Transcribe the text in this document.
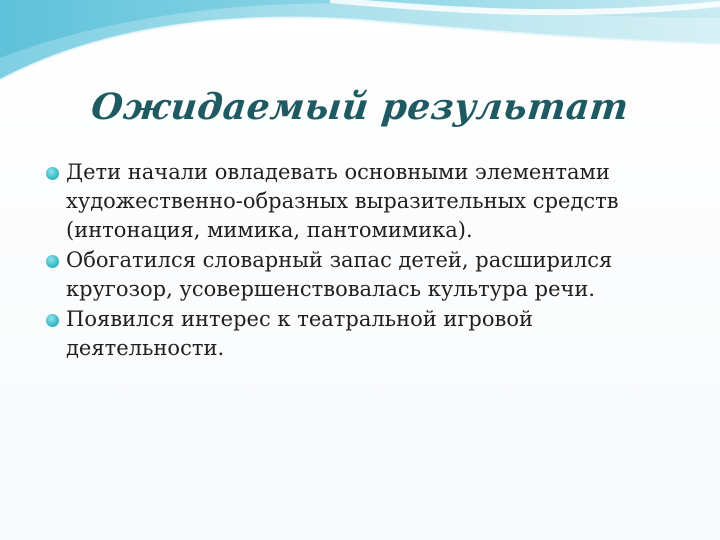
Ожидаемый результат
Дети начали овладевать основными элементами художественно-образных выразительных средств (интонация, мимика, пантомимика).
Обогатился словарный запас детей, расширился кругозор, усовершенствовалась культура речи.
Появился интерес к театральной игровой деятельности.
